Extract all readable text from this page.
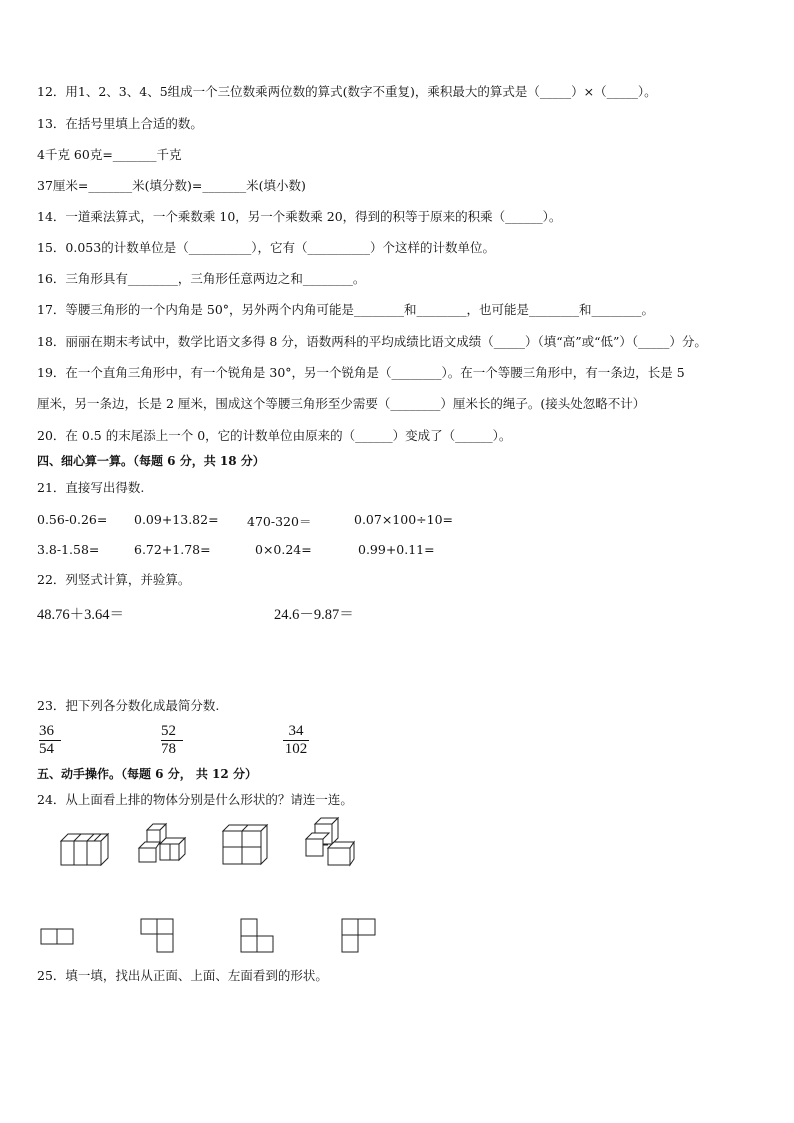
12．用1、2、3、4、5组成一个三位数乘两位数的算式(数字不重复)，乘积最大的算式是（_____）×（_____）。
13．在括号里填上合适的数。
4千克 60克=_______千克
37厘米=_______米(填分数)=_______米(填小数)
14．一道乘法算式，一个乘数乘 10，另一个乘数乘 20，得到的积等于原来的积乘（______）。
15．0.053的计数单位是（__________），它有（__________）个这样的计数单位。
16．三角形具有________，三角形任意两边之和________。
17．等腰三角形的一个内角是 50°，另外两个内角可能是________和________，也可能是________和________。
18．丽丽在期末考试中，数学比语文多得 8 分，语数两科的平均成绩比语文成绩（_____）（填“高”或“低”）（_____）分。
19．在一个直角三角形中，有一个锐角是 30°，另一个锐角是（________）。在一个等腰三角形中，有一条边，长是 5
厘米，另一条边，长是 2 厘米，围成这个等腰三角形至少需要（________）厘米长的绳子。(接头处忽略不计）
20．在 0.5 的末尾添上一个 0，它的计数单位由原来的（______）变成了（______）。
四、细心算一算。（每题 6 分，共 18 分）
21．直接写出得数.
0.56-0.26= 0.09+13.82= 470-320＝	0.07×100÷10=
3.8-1.58=	6.72+1.78=	0×0.24=	0.99+0.11=
22．列竖式计算，并验算。
48.76＋3.64＝	24.6－9.87＝
23．把下列各分数化成最简分数.
36
54
52
78
34
102
五、动手操作。（每题 6 分， 共 12 分）
24．从上面看上排的物体分别是什么形状的？请连一连。
25．填一填，找出从正面、上面、左面看到的形状。
